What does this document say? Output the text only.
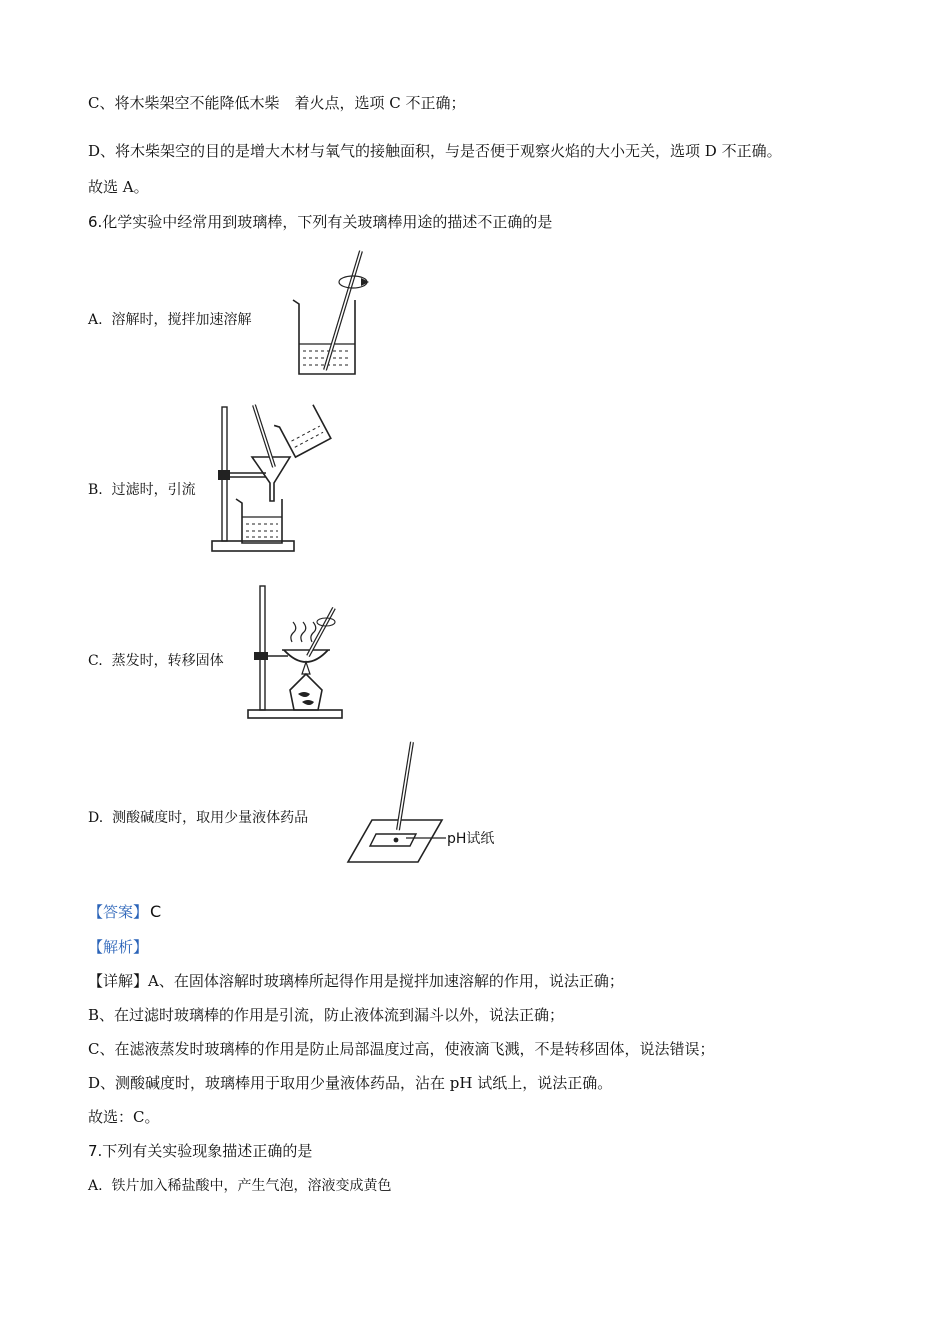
C、将木柴架空不能降低木柴　着火点，选项 C 不正确；
D、将木柴架空的目的是增大木材与氧气的接触面积，与是否便于观察火焰的大小无关，选项 D 不正确。
故选 A。
6.化学实验中经常用到玻璃棒，下列有关玻璃棒用途的描述不正确的是
A. 溶解时，搅拌加速溶解
B. 过滤时，引流
C. 蒸发时，转移固体
D. 测酸碱度时，取用少量液体药品
pH试纸
【答案】 C
【解析】
【详解】A、在固体溶解时玻璃棒所起得作用是搅拌加速溶解的作用，说法正确；
B、在过滤时玻璃棒的作用是引流，防止液体流到漏斗以外，说法正确；
C、在滤液蒸发时玻璃棒的作用是防止局部温度过高，使液滴飞溅，不是转移固体，说法错误；
D、测酸碱度时，玻璃棒用于取用少量液体药品，沾在 pH 试纸上，说法正确。
故选：C。
7.下列有关实验现象描述正确的是
A. 铁片加入稀盐酸中，产生气泡，溶液变成黄色
